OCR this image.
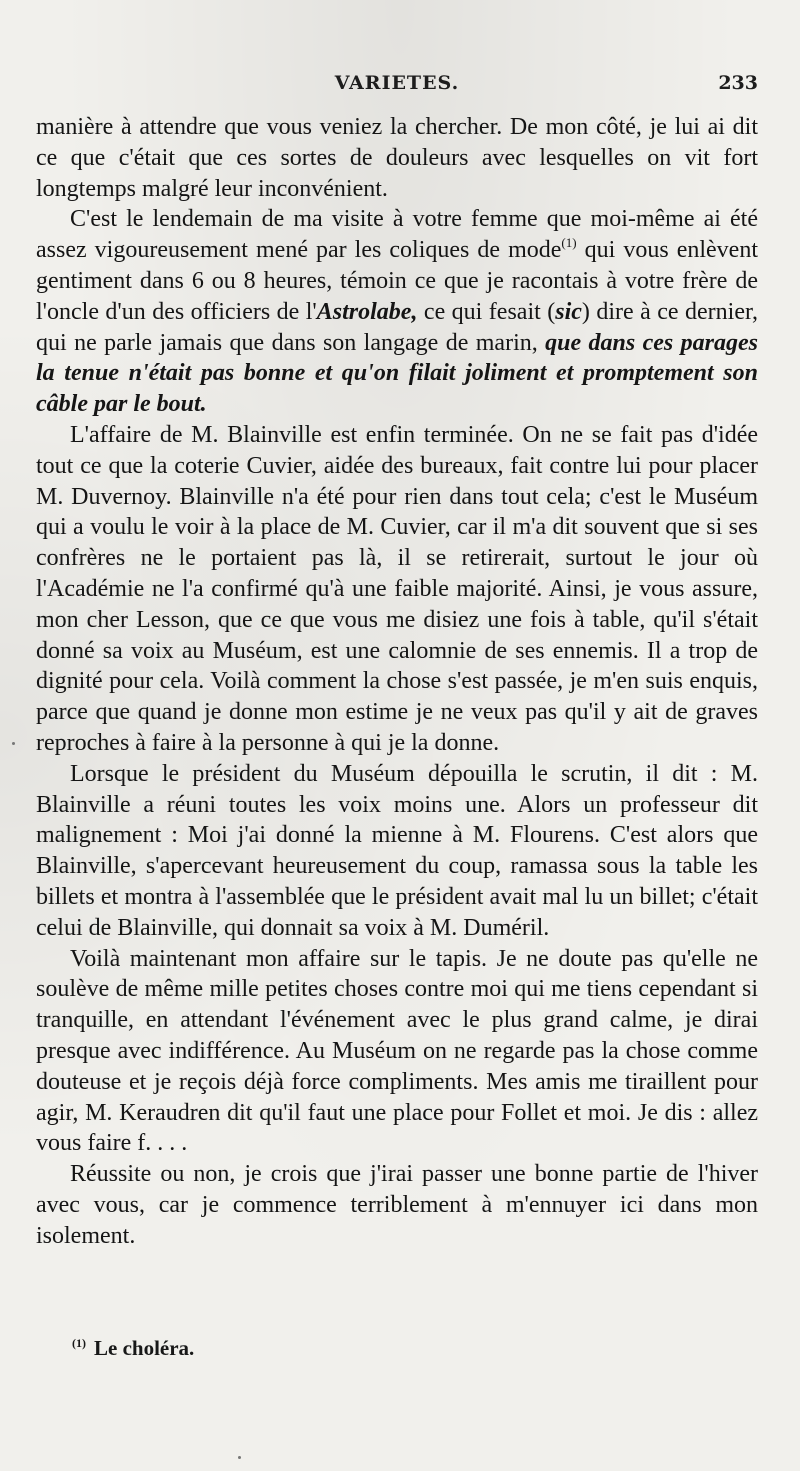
VARIETES.	233

manière à attendre que vous veniez la chercher. De mon côté, je lui ai dit ce que c'était que ces sortes de douleurs avec lesquelles on vit fort longtemps malgré leur inconvénient.

C'est le lendemain de ma visite à votre femme que moi-même ai été assez vigoureusement mené par les coliques de mode$^{(1)}$ qui vous enlèvent gentiment dans 6 ou 8 heures, témoin ce que je racontais à votre frère de l'oncle d'un des officiers de l'Astrolabe, ce qui fesait (sic) dire à ce dernier, qui ne parle jamais que dans son langage de marin, que dans ces parages la tenue n'était pas bonne et qu'on filait joliment et promptement son câble par le bout.

L'affaire de M. Blainville est enfin terminée. On ne se fait pas d'idée tout ce que la coterie Cuvier, aidée des bureaux, fait contre lui pour placer M. Duvernoy. Blainville n'a été pour rien dans tout cela; c'est le Muséum qui a voulu le voir à la place de M. Cuvier, car il m'a dit souvent que si ses confrères ne le portaient pas là, il se retirerait, surtout le jour où l'Académie ne l'a confirmé qu'à une faible majorité. Ainsi, je vous assure, mon cher Lesson, que ce que vous me disiez une fois à table, qu'il s'était donné sa voix au Muséum, est une calomnie de ses ennemis. Il a trop de dignité pour cela. Voilà comment la chose s'est passée, je m'en suis enquis, parce que quand je donne mon estime je ne veux pas qu'il y ait de graves reproches à faire à la personne à qui je la donne.

Lorsque le président du Muséum dépouilla le scrutin, il dit : M. Blainville a réuni toutes les voix moins une. Alors un professeur dit malignement : Moi j'ai donné la mienne à M. Flourens. C'est alors que Blainville, s'apercevant heureusement du coup, ramassa sous la table les billets et montra à l'assemblée que le président avait mal lu un billet; c'était celui de Blainville, qui donnait sa voix à M. Duméril.

Voilà maintenant mon affaire sur le tapis. Je ne doute pas qu'elle ne soulève de même mille petites choses contre moi qui me tiens cependant si tranquille, en attendant l'événement avec le plus grand calme, je dirai presque avec indifférence. Au Muséum on ne regarde pas la chose comme douteuse et je reçois déjà force compliments. Mes amis me tiraillent pour agir, M. Keraudren dit qu'il faut une place pour Follet et moi. Je dis : allez vous faire f. . . .

Réussite ou non, je crois que j'irai passer une bonne partie de l'hiver avec vous, car je commence terriblement à m'ennuyer ici dans mon isolement.

$^{(1)}$ Le choléra.
